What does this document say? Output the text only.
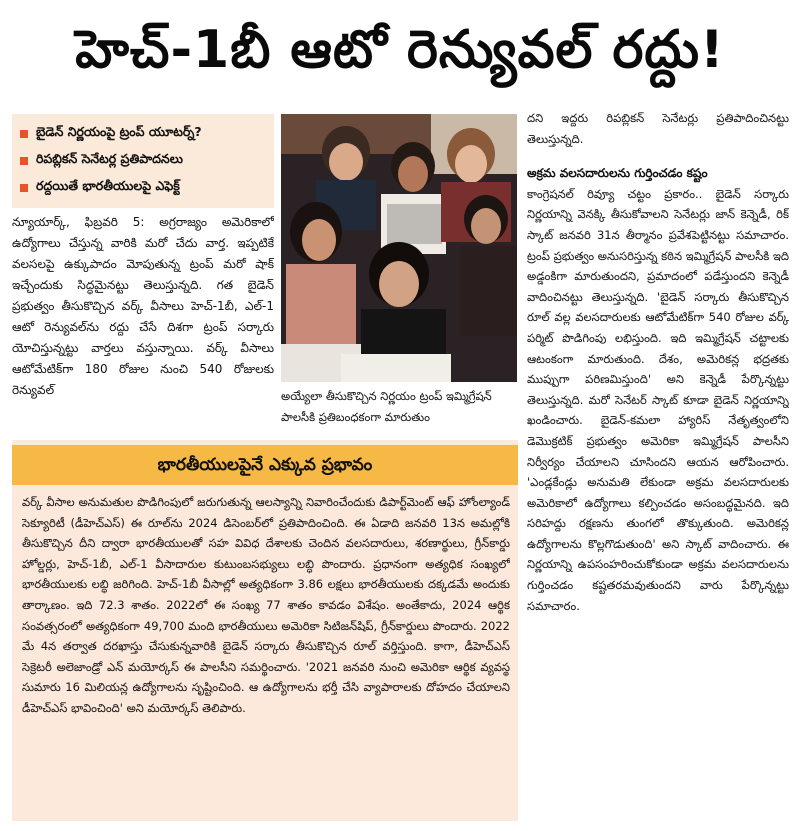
హెచ్-1బీ ఆటో రెన్యువల్ రద్దు!
బైడెన్ నిర్ణయంపై ట్రంప్ యూటర్న్?
రిపబ్లికన్ సెనేటర్ల ప్రతిపాదనలు
రద్దయితే భారతీయులపై ఎఫెక్ట్
న్యూయార్క్, ఫిబ్రవరి 5: అగ్రరాజ్యం అమెరికాలో ఉద్యోగాలు చేస్తున్న వారికి మరో చేదు వార్త. ఇప్పటికే వలసలపై ఉక్కుపాదం మోపుతున్న ట్రంప్ మరో షాక్ ఇచ్చేందుకు సిద్ధమైనట్టు తెలుస్తున్నది. గత బైడెన్ ప్రభుత్వం తీసుకొచ్చిన వర్క్ వీసాలు హెచ్-1బీ, ఎల్-1 ఆటో రెన్యువల్‌ను రద్దు చేసే దిశగా ట్రంప్ సర్కారు యోచిస్తున్నట్టు వార్తలు వస్తున్నాయి. వర్క్ వీసాలు ఆటోమేటిక్‌గా 180 రోజుల నుంచి 540 రోజులకు రెన్యువల్	అయ్యేలా తీసుకొచ్చిన నిర్ణయం ట్రంప్ ఇమ్మిగ్రేషన్ పాలసీకి ప్రతిబంధకంగా మారుతుం

దని ఇద్దరు రిపబ్లికన్ సెనేటర్లు ప్రతిపాదించినట్టు తెలుస్తున్నది.

అక్రమ వలసదారులను గుర్తించడం కష్టం

కాంగ్రెషనల్ రివ్యూ చట్టం ప్రకారం.. బైడెన్ సర్కారు నిర్ణయాన్ని వెనక్కి తీసుకోవాలని సెనేటర్లు జాన్ కెన్నెడీ, రిక్ స్కాట్ జనవరి 31న తీర్మానం ప్రవేశపెట్టినట్టు సమాచారం. ట్రంప్ ప్రభుత్వం అనుసరిస్తున్న కఠిన ఇమ్మిగ్రేషన్ పాలసీకి ఇది అడ్డంకిగా మారుతుందని, ప్రమాదంలో పడేస్తుందని కెన్నెడీ వాదించినట్టు తెలుస్తున్నది. 'బైడెన్ సర్కారు తీసుకొచ్చిన రూల్ వల్ల వలసదారులకు ఆటోమేటిక్‌గా 540 రోజుల వర్క్ పర్మిట్ పొడిగింపు లభిస్తుంది. ఇది ఇమ్మిగ్రేషన్ చట్టాలకు ఆటంకంగా మారుతుంది. దేశం, అమెరికన్ల భద్రతకు ముప్పుగా పరిణమిస్తుంది' అని కెన్నెడీ పేర్కొన్నట్టు తెలుస్తున్నది. మరో సెనేటర్ స్కాట్ కూడా బైడెన్ నిర్ణయాన్ని ఖండించారు. బైడెన్-కమలా హ్యారిస్ నేతృత్వంలోని డెమొక్రటిక్ ప్రభుత్వం అమెరికా ఇమ్మిగ్రేషన్ పాలసీని నిర్వీర్యం చేయాలని చూసిందని ఆయన ఆరోపించారు. 'ఎండ్లకేండ్లు అనుమతి లేకుండా అక్రమ వలసదారులకు అమెరికాలో ఉద్యోగాలు కల్పించడం అసంబద్ధమైనది. ఇది సరిహద్దు రక్షణను తుంగలో తొక్కుతుంది. అమెరికన్ల ఉద్యోగాలను కొల్లగొడుతుంది' అని స్కాట్ వాదించారు. ఈ నిర్ణయాన్ని ఉపసంహరించుకోకుండా అక్రమ వలసదారులను గుర్తించడం కష్టతరమవుతుందని వారు పేర్కొన్నట్టు సమాచారం.

భారతీయులపైనే ఎక్కువ ప్రభావం
వర్క్ వీసాల అనుమతుల పొడిగింపులో జరుగుతున్న ఆలస్యాన్ని నివారించేందుకు డిపార్ట్‌మెంట్ ఆఫ్ హోంల్యాండ్ సెక్యూరిటీ (డీహెచ్ఎస్) ఈ రూల్‌ను 2024 డిసెంబర్‌లో ప్రతిపాదించింది. ఈ ఏడాది జనవరి 13న అమల్లోకి తీసుకొచ్చిన దీని ద్వారా భారతీయులతో సహ వివిధ దేశాలకు చెందిన వలసదారులు, శరణార్థులు, గ్రీన్‌కార్డు హోల్డర్లు, హెచ్-1బీ, ఎల్-1 వీసాదారుల కుటుంబసభ్యులు లబ్ధి పొందారు. ప్రధానంగా అత్యధిక సంఖ్యలో భారతీయులకు లబ్ధి జరిగింది. హెచ్-1బీ వీసాల్లో అత్యధికంగా 3.86 లక్షలు భారతీయులకు దక్కడమే అందుకు తార్కాణం. ఇది 72.3 శాతం. 2022లో ఈ సంఖ్య 77 శాతం కావడం విశేషం. అంతేకాదు, 2024 ఆర్థిక సంవత్సరంలో అత్యధికంగా 49,700 మంది భారతీయులు అమెరికా సిటిజన్‌షిప్, గ్రీన్‌కార్డులు పొందారు. 2022 మే 4న తర్వాత దరఖాస్తు చేసుకున్నవారికి బైడెన్ సర్కారు తీసుకొచ్చిన రూల్ వర్తిస్తుంది. కాగా, డీహెచ్ఎస్ సెక్రెటరీ అలెజాండ్రో ఎన్ మయోర్కస్ ఈ పాలసీని సమర్థించారు. '2021 జనవరి నుంచి అమెరికా ఆర్థిక వ్యవస్థ సుమారు 16 మిలియన్ల ఉద్యోగాలను సృష్టించింది. ఆ ఉద్యోగాలను భర్తీ చేసి వ్యాపారాలకు దోహదం చేయాలని డీహెచ్ఎస్ భావించింది' అని మయోర్కస్ తెలిపారు.
